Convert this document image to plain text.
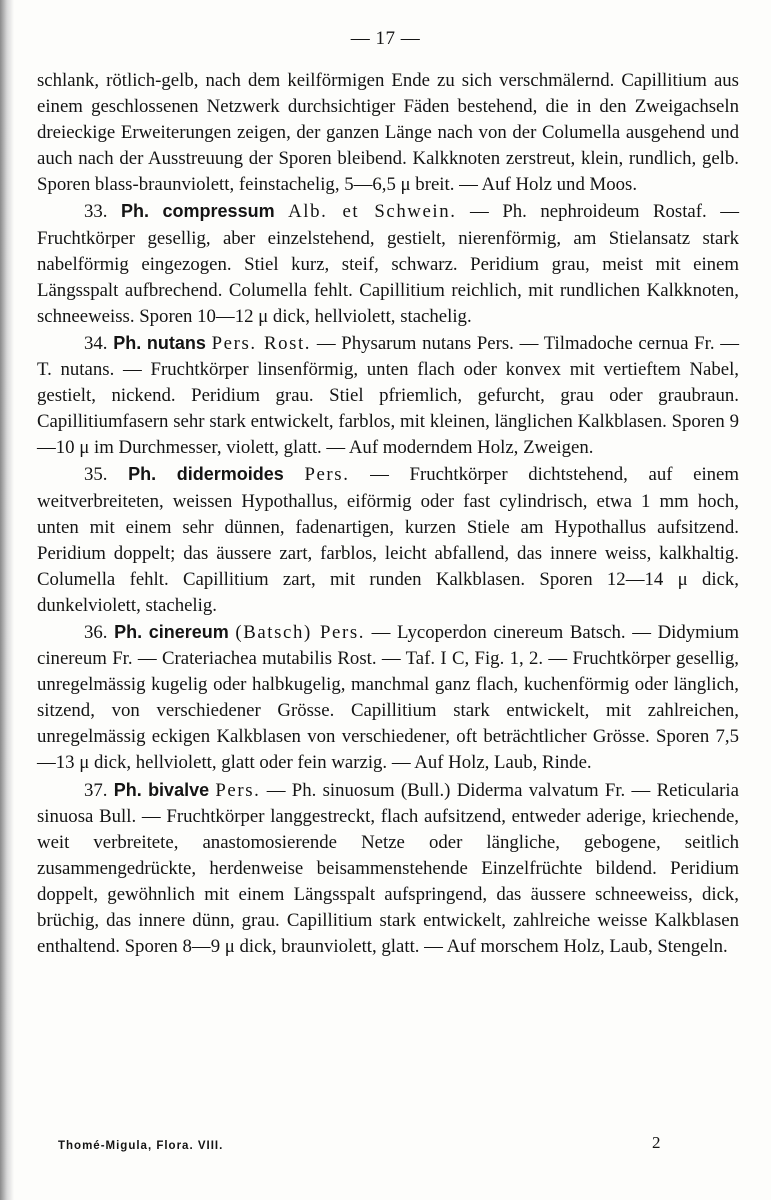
— 17 —

schlank, rötlich-gelb, nach dem keilförmigen Ende zu sich verschmälernd. Capillitium aus einem geschlossenen Netzwerk durchsichtiger Fäden bestehend, die in den Zweigachseln dreieckige Erweiterungen zeigen, der ganzen Länge nach von der Columella ausgehend und auch nach der Ausstreuung der Sporen bleibend. Kalkknoten zerstreut, klein, rundlich, gelb. Sporen blass-braunviolett, feinstachelig, 5—6,5 μ breit. — Auf Holz und Moos.

33. Ph. compressum Alb. et Schwein. — Ph. nephroideum Rostaf. — Fruchtkörper gesellig, aber einzelstehend, gestielt, nierenförmig, am Stielansatz stark nabelförmig eingezogen. Stiel kurz, steif, schwarz. Peridium grau, meist mit einem Längsspalt aufbrechend. Columella fehlt. Capillitium reichlich, mit rundlichen Kalkknoten, schneeweiss. Sporen 10—12 μ dick, hellviolett, stachelig.

34. Ph. nutans Pers. Rost. — Physarum nutans Pers. — Tilmadoche cernua Fr. — T. nutans. — Fruchtkörper linsenförmig, unten flach oder konvex mit vertieftem Nabel, gestielt, nickend. Peridium grau. Stiel pfriemlich, gefurcht, grau oder graubraun. Capillitiumfasern sehr stark entwickelt, farblos, mit kleinen, länglichen Kalkblasen. Sporen 9—10 μ im Durchmesser, violett, glatt. — Auf moderndem Holz, Zweigen.

35. Ph. didermoides Pers. — Fruchtkörper dichtstehend, auf einem weitverbreiteten, weissen Hypothallus, eiförmig oder fast cylindrisch, etwa 1 mm hoch, unten mit einem sehr dünnen, fadenartigen, kurzen Stiele am Hypothallus aufsitzend. Peridium doppelt; das äussere zart, farblos, leicht abfallend, das innere weiss, kalkhaltig. Columella fehlt. Capillitium zart, mit runden Kalkblasen. Sporen 12—14 μ dick, dunkelviolett, stachelig.

36. Ph. cinereum (Batsch) Pers. — Lycoperdon cinereum Batsch. — Didymium cinereum Fr. — Crateriachea mutabilis Rost. — Taf. I C, Fig. 1, 2. — Fruchtkörper gesellig, unregelmässig kugelig oder halbkugelig, manchmal ganz flach, kuchenförmig oder länglich, sitzend, von verschiedener Grösse. Capillitium stark entwickelt, mit zahlreichen, unregelmässig eckigen Kalkblasen von verschiedener, oft beträchtlicher Grösse. Sporen 7,5—13 μ dick, hellviolett, glatt oder fein warzig. — Auf Holz, Laub, Rinde.

37. Ph. bivalve Pers. — Ph. sinuosum (Bull.) Diderma valvatum Fr. — Reticularia sinuosa Bull. — Fruchtkörper langgestreckt, flach aufsitzend, entweder aderige, kriechende, weit verbreitete, anastomosierende Netze oder längliche, gebogene, seitlich zusammengedrückte, herdenweise beisammenstehende Einzelfrüchte bildend. Peridium doppelt, gewöhnlich mit einem Längsspalt aufspringend, das äussere schneeweiss, dick, brüchig, das innere dünn, grau. Capillitium stark entwickelt, zahlreiche weisse Kalkblasen enthaltend. Sporen 8—9 μ dick, braunviolett, glatt. — Auf morschem Holz, Laub, Stengeln.

Thomé-Migula, Flora. VIII.	2
